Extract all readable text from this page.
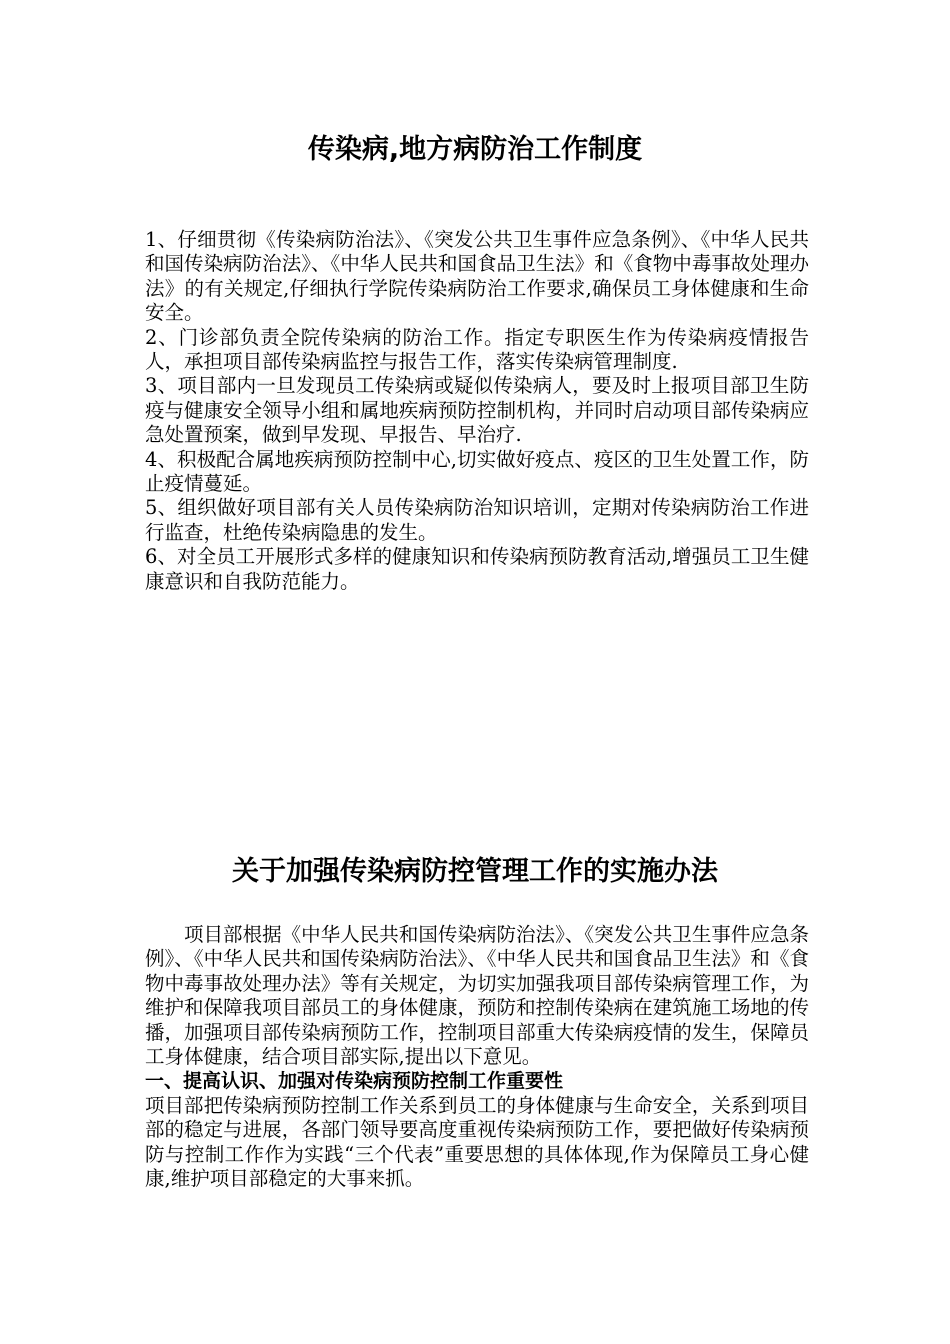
传染病,地方病防治工作制度

1、仔细贯彻《传染病防治法》、《突发公共卫生事件应急条例》、《中华人民共和国传染病防治法》、《中华人民共和国食品卫生法》和《食物中毒事故处理办法》的有关规定,仔细执行学院传染病防治工作要求,确保员工身体健康和生命安全。

2、门诊部负责全院传染病的防治工作。指定专职医生作为传染病疫情报告人，承担项目部传染病监控与报告工作，落实传染病管理制度.

3、项目部内一旦发现员工传染病或疑似传染病人，要及时上报项目部卫生防疫与健康安全领导小组和属地疾病预防控制机构，并同时启动项目部传染病应急处置预案，做到早发现、早报告、早治疗.

4、积极配合属地疾病预防控制中心,切实做好疫点、疫区的卫生处置工作，防止疫情蔓延。

5、组织做好项目部有关人员传染病防治知识培训，定期对传染病防治工作进行监查，杜绝传染病隐患的发生。

6、对全员工开展形式多样的健康知识和传染病预防教育活动,增强员工卫生健康意识和自我防范能力。

关于加强传染病防控管理工作的实施办法

项目部根据《中华人民共和国传染病防治法》、《突发公共卫生事件应急条例》、《中华人民共和国传染病防治法》、《中华人民共和国食品卫生法》和《食物中毒事故处理办法》等有关规定，为切实加强我项目部传染病管理工作，为维护和保障我项目部员工的身体健康，预防和控制传染病在建筑施工场地的传播，加强项目部传染病预防工作，控制项目部重大传染病疫情的发生，保障员工身体健康，结合项目部实际,提出以下意见。

一、提高认识、加强对传染病预防控制工作重要性

项目部把传染病预防控制工作关系到员工的身体健康与生命安全，关系到项目部的稳定与进展，各部门领导要高度重视传染病预防工作，要把做好传染病预防与控制工作作为实践“三个代表”重要思想的具体体现,作为保障员工身心健康,维护项目部稳定的大事来抓。
